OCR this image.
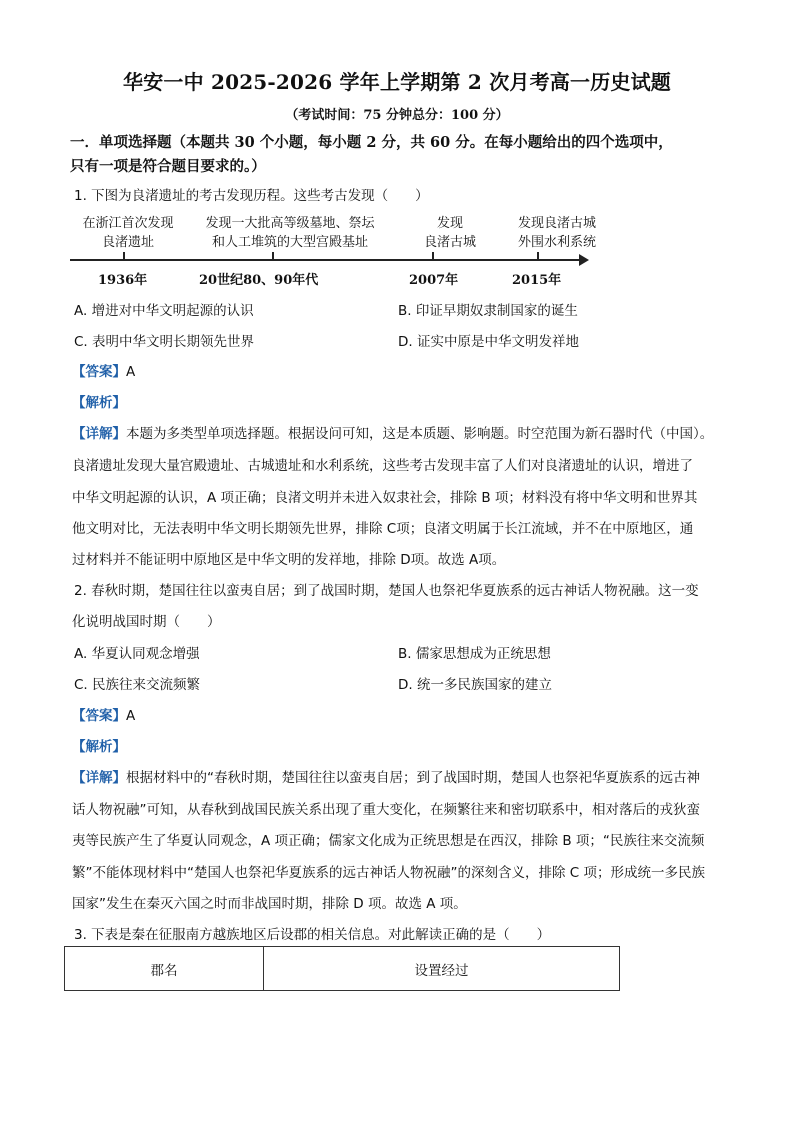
华安一中 2025-2026 学年上学期第 2 次月考高一历史试题
（考试时间：75 分钟总分：100 分）
一．单项选择题（本题共 30 个小题，每小题 2 分，共 60 分。在每小题给出的四个选项中，
只有一项是符合题目要求的。）
1. 下图为良渚遗址的考古发现历程。这些考古发现（　　）
在浙江首次发现
良渚遗址
发现一大批高等级墓地、祭坛
和人工堆筑的大型宫殿基址
发现
良渚古城
发现良渚古城
外围水利系统
1936年	20世纪80、90年代	2007年	2015年
A. 增进对中华文明起源的认识	B. 印证早期奴隶制国家的诞生
C. 表明中华文明长期领先世界	D. 证实中原是中华文明发祥地
【答案】A
【解析】
【详解】本题为多类型单项选择题。根据设问可知，这是本质题、影响题。时空范围为新石器时代（中国）。
良渚遗址发现大量宫殿遗址、古城遗址和水利系统，这些考古发现丰富了人们对良渚遗址的认识，增进了
中华文明起源的认识，A 项正确；良渚文明并未进入奴隶社会，排除 B 项；材料没有将中华文明和世界其
他文明对比，无法表明中华文明长期领先世界，排除 C项；良渚文明属于长江流域，并不在中原地区，通
过材料并不能证明中原地区是中华文明的发祥地，排除 D项。故选 A项。
2. 春秋时期，楚国往往以蛮夷自居；到了战国时期，楚国人也祭祀华夏族系的远古神话人物祝融。这一变
化说明战国时期（　　）
A. 华夏认同观念增强	B. 儒家思想成为正统思想
C. 民族往来交流频繁	D. 统一多民族国家的建立
【答案】A
【解析】
【详解】根据材料中的“春秋时期，楚国往往以蛮夷自居；到了战国时期，楚国人也祭祀华夏族系的远古神
话人物祝融”可知，从春秋到战国民族关系出现了重大变化，在频繁往来和密切联系中，相对落后的戎狄蛮
夷等民族产生了华夏认同观念，A 项正确；儒家文化成为正统思想是在西汉，排除 B 项；“民族往来交流频
繁”不能体现材料中“楚国人也祭祀华夏族系的远古神话人物祝融”的深刻含义，排除 C 项；形成统一多民族
国家”发生在秦灭六国之时而非战国时期，排除 D 项。故选 A 项。
3. 下表是秦在征服南方越族地区后设郡的相关信息。对此解读正确的是（　　）
郡名	设置经过
